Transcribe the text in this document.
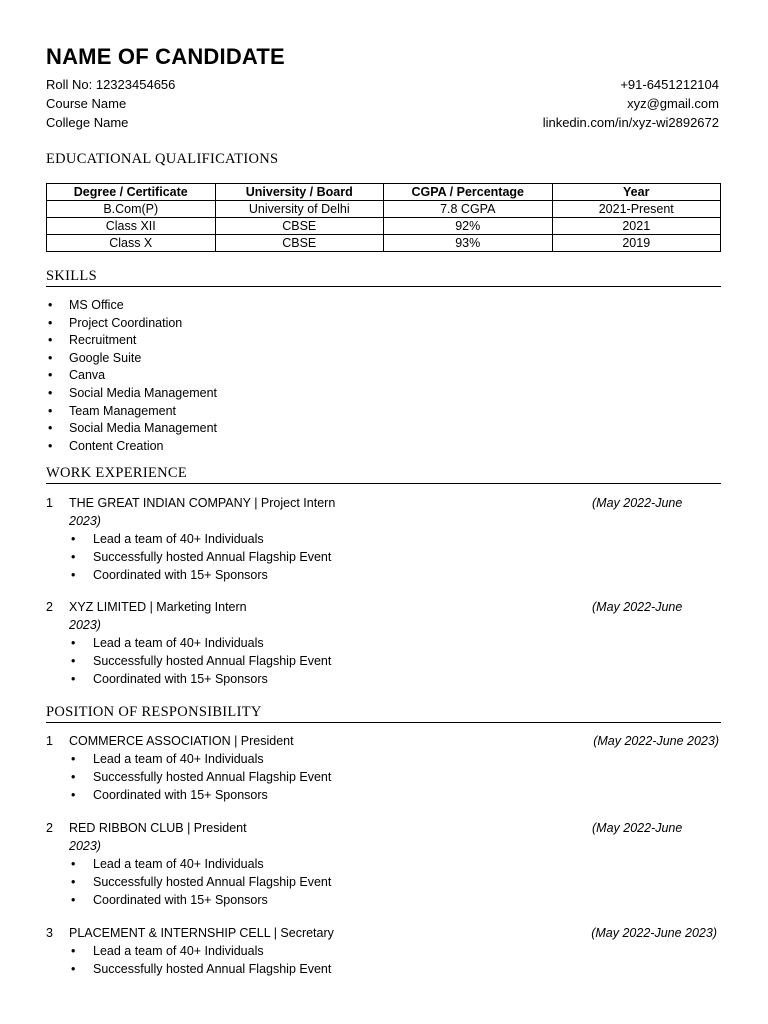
NAME OF CANDIDATE
Roll No: 12323454656
Course Name
College Name
+91-6451212104
xyz@gmail.com
linkedin.com/in/xyz-wi2892672
EDUCATIONAL QUALIFICATIONS
Degree / Certificate	University / Board	CGPA / Percentage	Year
B.Com(P)	University of Delhi	7.8 CGPA	2021-Present
Class XII	CBSE	92%	2021
Class X	CBSE	93%	2019
SKILLS
• MS Office
• Project Coordination
• Recruitment
• Google Suite
• Canva
• Social Media Management
• Team Management
• Social Media Management
• Content Creation
WORK EXPERIENCE
1 THE GREAT INDIAN COMPANY | Project Intern	(May 2022-June
2023)
• Lead a team of 40+ Individuals
• Successfully hosted Annual Flagship Event
• Coordinated with 15+ Sponsors
2 XYZ LIMITED | Marketing Intern	(May 2022-June
2023)
• Lead a team of 40+ Individuals
• Successfully hosted Annual Flagship Event
• Coordinated with 15+ Sponsors
POSITION OF RESPONSIBILITY
1 COMMERCE ASSOCIATION | President	(May 2022-June 2023)
• Lead a team of 40+ Individuals
• Successfully hosted Annual Flagship Event
• Coordinated with 15+ Sponsors
2 RED RIBBON CLUB | President	(May 2022-June
2023)
• Lead a team of 40+ Individuals
• Successfully hosted Annual Flagship Event
• Coordinated with 15+ Sponsors
3 PLACEMENT & INTERNSHIP CELL | Secretary	(May 2022-June 2023)
• Lead a team of 40+ Individuals
• Successfully hosted Annual Flagship Event
